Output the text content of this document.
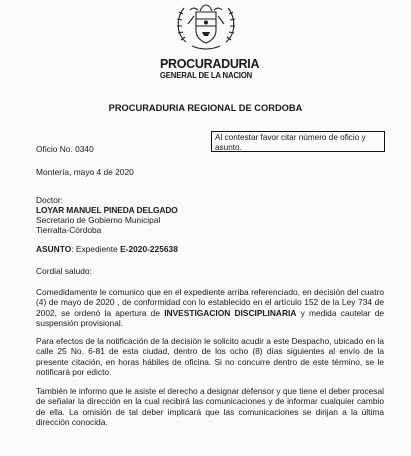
PROCURADURIA
GENERAL DE LA NACION
PROCURADURIA REGIONAL DE CORDOBA
Al contestar favor citar número de oficio y asunto.
Oficio No. 0340
Montería, mayo 4 de 2020
Doctor:
LOYAR MANUEL PINEDA DELGADO
Secretario de Gobierno Municipal
Tierralta-Córdoba
ASUNTO: Expediente E-2020-225638
Cordial saludo:
Comedidamente le comunico que en el expediente arriba referenciado, en decisión del cuatro (4) de mayo de 2020 , de conformidad con lo establecido en el artículo 152 de la Ley 734 de 2002, se ordenó la apertura de INVESTIGACION DISCIPLINARIA y medida cautelar de suspensión provisional.
Para efectos de la notificación de la decisión le solicito acudir a este Despacho, ubicado en la calle 25 No. 6-81 de esta ciudad, dentro de los ocho (8) días siguientes al envío de la presente citación, en horas hábiles de oficina. Si no concurre dentro de este término, se le notificará por edicto.
También le informo que le asiste el derecho a designar defensor y que tiene el deber procesal de señalar la dirección en la cual recibirá las comunicaciones y de informar cualquier cambio de ella. La omisión de tal deber implicará que las comunicaciones se dirijan a la última dirección conocida.
